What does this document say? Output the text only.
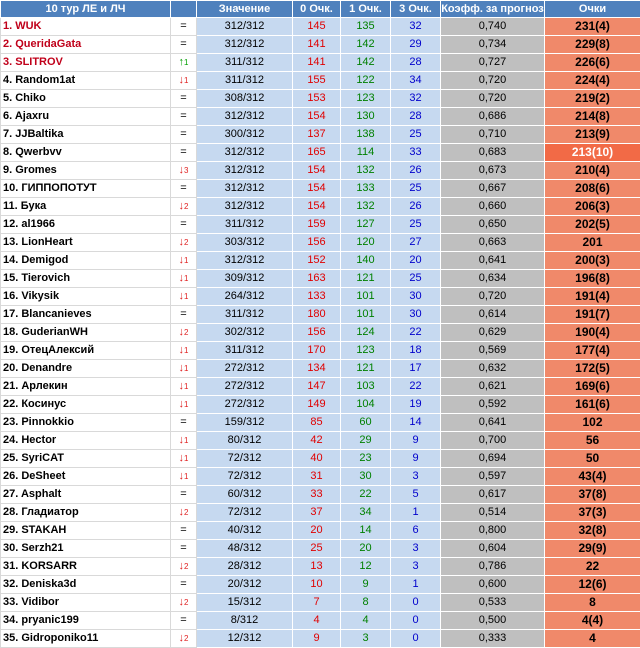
10 тур ЛЕ и ЛЧ		Значение	0 Очк.	1 Очк.	3 Очк.	Коэфф. за прогноз	Очки
1. WUK	=	312/312	145	135	32	0,740	231(4)
2. QueridaGata	=	312/312	141	142	29	0,734	229(8)
3. SLITROV	↑1	311/312	141	142	28	0,727	226(6)
4. Random1at	↓1	311/312	155	122	34	0,720	224(4)
5. Chiko	=	308/312	153	123	32	0,720	219(2)
6. Ajaxru	=	312/312	154	130	28	0,686	214(8)
7. JJBaltika	=	300/312	137	138	25	0,710	213(9)
8. Qwerbvv	=	312/312	165	114	33	0,683	213(10)
9. Gromes	↓3	312/312	154	132	26	0,673	210(4)
10. ГИППОПОТУТ	=	312/312	154	133	25	0,667	208(6)
11. Бука	↓2	312/312	154	132	26	0,660	206(3)
12. al1966	=	311/312	159	127	25	0,650	202(5)
13. LionHeart	↓2	303/312	156	120	27	0,663	201
14. Demigod	↓1	312/312	152	140	20	0,641	200(3)
15. Tierovich	↓1	309/312	163	121	25	0,634	196(8)
16. Vikysik	↓1	264/312	133	101	30	0,720	191(4)
17. Blancanieves	=	311/312	180	101	30	0,614	191(7)
18. GuderianWH	↓2	302/312	156	124	22	0,629	190(4)
19. ОтецАлексий	↓1	311/312	170	123	18	0,569	177(4)
20. Denandre	↓1	272/312	134	121	17	0,632	172(5)
21. Арлекин	↓1	272/312	147	103	22	0,621	169(6)
22. Косинус	↓1	272/312	149	104	19	0,592	161(6)
23. Pinnokkio	=	159/312	85	60	14	0,641	102
24. Hector	↓1	80/312	42	29	9	0,700	56
25. SyriCAT	↓1	72/312	40	23	9	0,694	50
26. DeSheet	↓1	72/312	31	30	3	0,597	43(4)
27. Asphalt	=	60/312	33	22	5	0,617	37(8)
28. Гладиатор	↓2	72/312	37	34	1	0,514	37(3)
29. STAKAH	=	40/312	20	14	6	0,800	32(8)
30. Serzh21	=	48/312	25	20	3	0,604	29(9)
31. KORSARR	↓2	28/312	13	12	3	0,786	22
32. Deniska3d	=	20/312	10	9	1	0,600	12(6)
33. Vidibor	↓2	15/312	7	8	0	0,533	8
34. pryanic199	=	8/312	4	4	0	0,500	4(4)
35. Gidroponiko11	↓2	12/312	9	3	0	0,333	4
